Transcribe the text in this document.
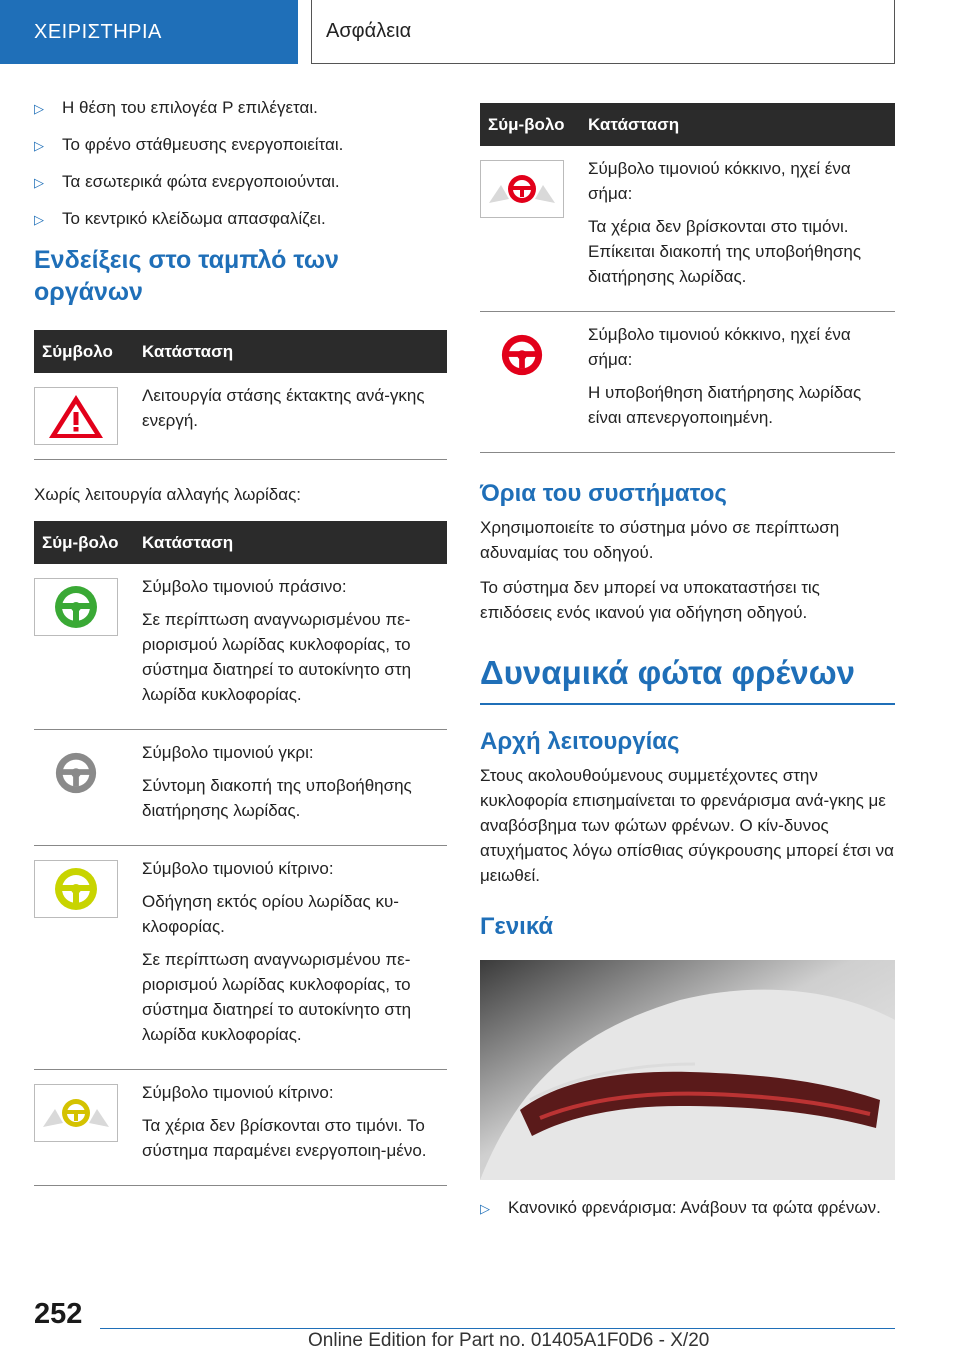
ΧΕΙΡΙΣΤΗΡΙΑ	Ασφάλεια
▷	Η θέση του επιλογέα P επιλέγεται.
▷	Το φρένο στάθμευσης ενεργοποιείται.
▷	Τα εσωτερικά φώτα ενεργοποιούνται.
▷	Το κεντρικό κλείδωμα απασφαλίζει.
Ενδείξεις στο ταμπλό των οργάνων
Σύμβολο	Κατάσταση

Λειτουργία στάσης έκτακτης ανά-γκης ενεργή.
Χωρίς λειτουργία αλλαγής λωρίδας:
Σύμ-βολο	Κατάσταση

Σύμβολο τιμονιού πράσινο:
Σε περίπτωση αναγνωρισμένου πε-ριορισμού λωρίδας κυκλοφορίας, το σύστημα διατηρεί το αυτοκίνητο στη λωρίδα κυκλοφορίας.

Σύμβολο τιμονιού γκρι:
Σύντομη διακοπή της υποβοήθησης διατήρησης λωρίδας.

Σύμβολο τιμονιού κίτρινο:
Οδήγηση εκτός ορίου λωρίδας κυ-κλοφορίας.
Σε περίπτωση αναγνωρισμένου πε-ριορισμού λωρίδας κυκλοφορίας, το σύστημα διατηρεί το αυτοκίνητο στη λωρίδα κυκλοφορίας.

Σύμβολο τιμονιού κίτρινο:
Τα χέρια δεν βρίσκονται στο τιμόνι. Το σύστημα παραμένει ενεργοποιη-μένο.
Σύμ-βολο	Κατάσταση

Σύμβολο τιμονιού κόκκινο, ηχεί ένα σήμα:
Τα χέρια δεν βρίσκονται στο τιμόνι. Επίκειται διακοπή της υποβοήθησης διατήρησης λωρίδας.

Σύμβολο τιμονιού κόκκινο, ηχεί ένα σήμα:
Η υποβοήθηση διατήρησης λωρίδας είναι απενεργοποιημένη.
Όρια του συστήματος
Χρησιμοποιείτε το σύστημα μόνο σε περίπτωση αδυναμίας του οδηγού.
Το σύστημα δεν μπορεί να υποκαταστήσει τις επιδόσεις ενός ικανού για οδήγηση οδηγού.
Δυναμικά φώτα φρένων
Αρχή λειτουργίας
Στους ακολουθούμενους συμμετέχοντες στην κυκλοφορία επισημαίνεται το φρενάρισμα ανά-γκης με αναβόσβημα των φώτων φρένων. Ο κίν-δυνος ατυχήματος λόγω οπίσθιας σύγκρουσης μπορεί έτσι να μειωθεί.
Γενικά
▷	Κανονικό φρενάρισμα: Ανάβουν τα φώτα φρένων.
252
Online Edition for Part no. 01405A1F0D6 - X/20
